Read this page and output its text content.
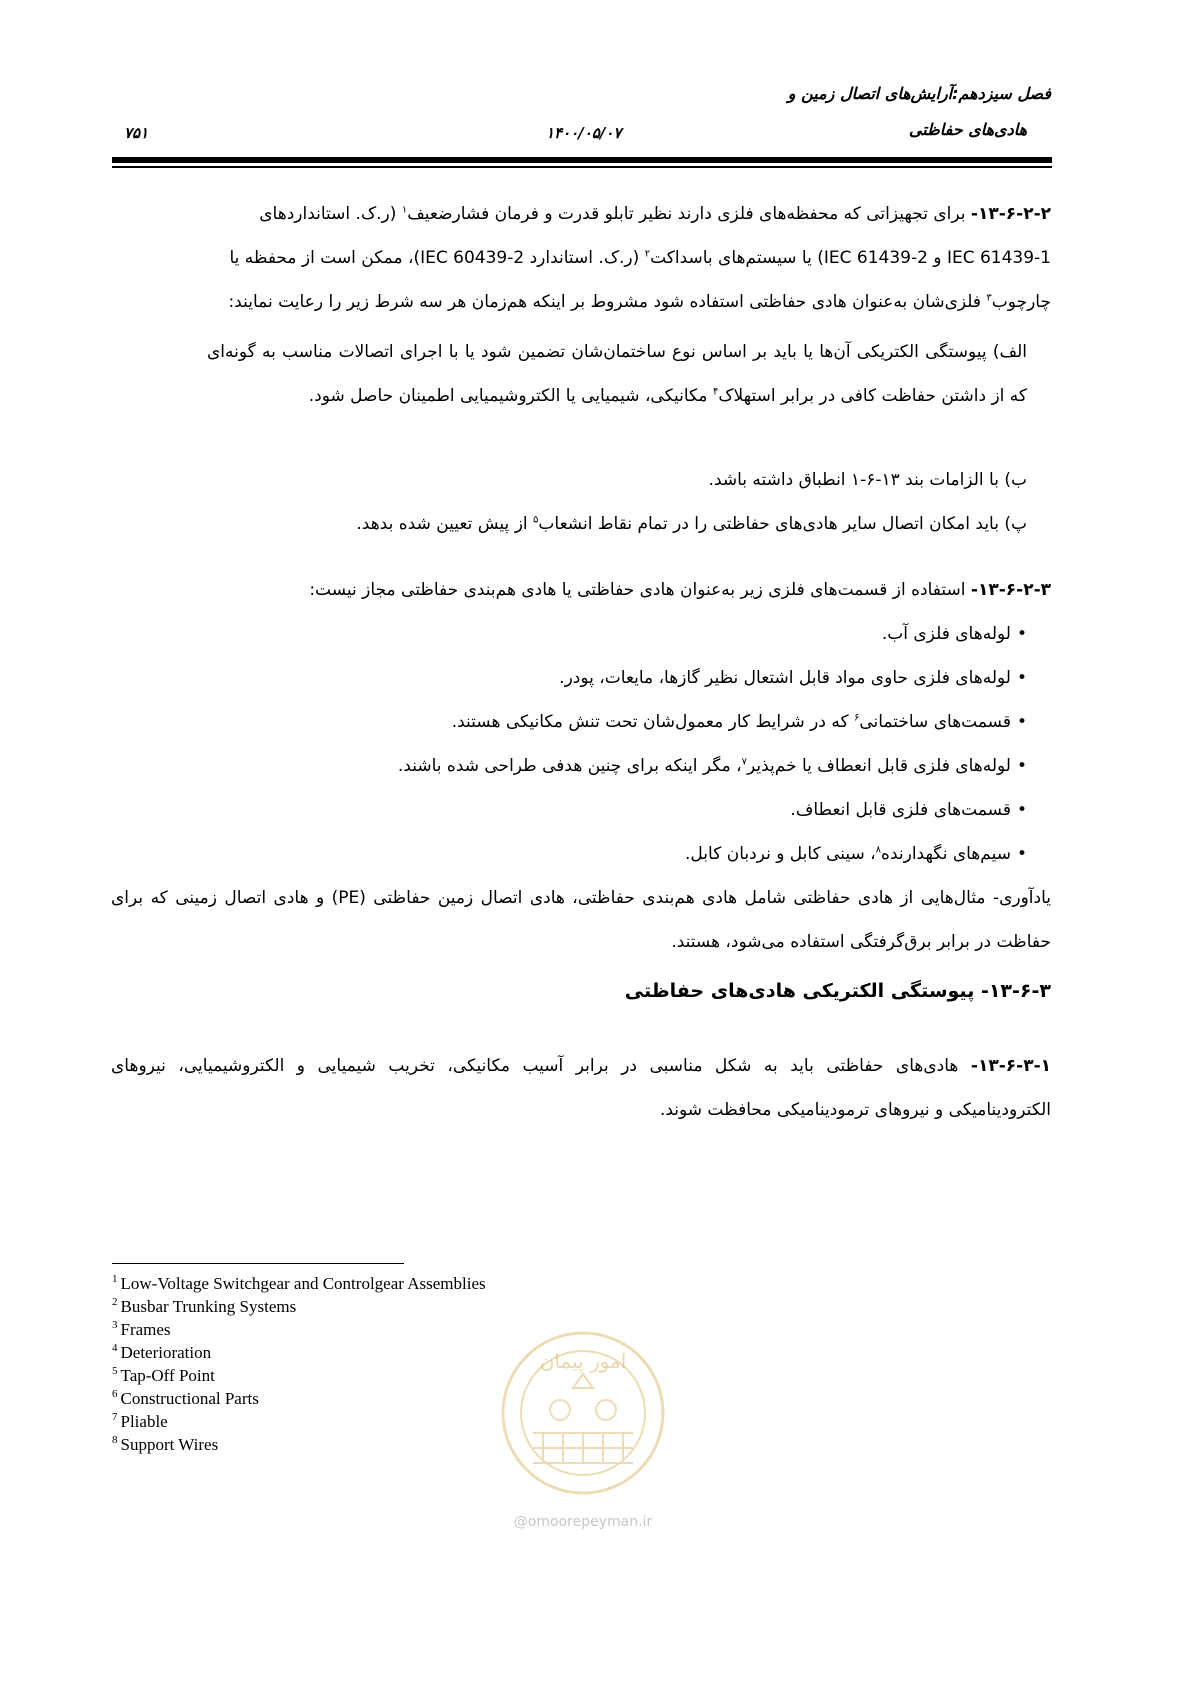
فصل سیزدهم:آرایش‌های اتصال زمین و
هادی‌های حفاظتی
۱۴۰۰/۰۵/۰۷
۷۵۱
۱۳-۶-۲-۲- برای تجهیزاتی که محفظه‌های فلزی دارند نظیر تابلو قدرت و فرمان فشارضعیف$^۱$ (ر.ک. استانداردهای
IEC 61439-1 و IEC 61439-2) یا سیستم‌های باسداکت$^۲$ (ر.ک. استاندارد IEC 60439-2)، ممکن است از محفظه یا
چارچوب$^۳$ فلزی‌شان به‌عنوان هادی حفاظتی استفاده شود مشروط بر اینکه هم‌زمان هر سه شرط زیر را رعایت نمایند:
الف) پیوستگی الکتریکی آن‌ها یا باید بر اساس نوع ساختمان‌شان تضمین شود یا با اجرای اتصالات مناسب به گونه‌ای که از داشتن حفاظت کافی در برابر استهلاک$^۴$ مکانیکی، شیمیایی یا الکتروشیمیایی اطمینان حاصل شود.
ب) با الزامات بند ۱۳-۶-۱ انطباق داشته باشد.
پ) باید امکان اتصال سایر هادی‌های حفاظتی را در تمام نقاط انشعاب$^۵$ از پیش تعیین شده بدهد.
۱۳-۶-۲-۳- استفاده از قسمت‌های فلزی زیر به‌عنوان هادی حفاظتی یا هادی هم‌بندی حفاظتی مجاز نیست:
•لوله‌های فلزی آب.
•لوله‌های فلزی حاوی مواد قابل اشتعال نظیر گازها، مایعات، پودر.
•قسمت‌های ساختمانی$^۶$ که در شرایط کار معمول‌شان تحت تنش مکانیکی هستند.
•لوله‌های فلزی قابل انعطاف یا خم‌پذیر$^۷$، مگر اینکه برای چنین هدفی طراحی شده باشند.
•قسمت‌های فلزی قابل انعطاف.
•سیم‌های نگهدارنده$^۸$، سینی کابل و نردبان کابل.
یادآوری- مثال‌هایی از هادی حفاظتی شامل هادی هم‌بندی حفاظتی، هادی اتصال زمین حفاظتی (PE) و هادی اتصال زمینی که برای حفاظت در برابر برق‌گرفتگی استفاده می‌شود، هستند.
۱۳-۶-۳- پیوستگی الکتریکی هادی‌های حفاظتی
۱۳-۶-۳-۱- هادی‌های حفاظتی باید به شکل مناسبی در برابر آسیب مکانیکی، تخریب شیمیایی و الکتروشیمیایی، نیروهای الکترودینامیکی و نیروهای ترمودینامیکی محافظت شوند.
$^1$ Low-Voltage Switchgear and Controlgear Assemblies
$^2$ Busbar Trunking Systems
$^3$ Frames
$^4$ Deterioration
$^5$ Tap-Off Point
$^6$ Constructional Parts
$^7$ Pliable
$^8$ Support Wires
امور پیمان
@omoorepeyman.ir
